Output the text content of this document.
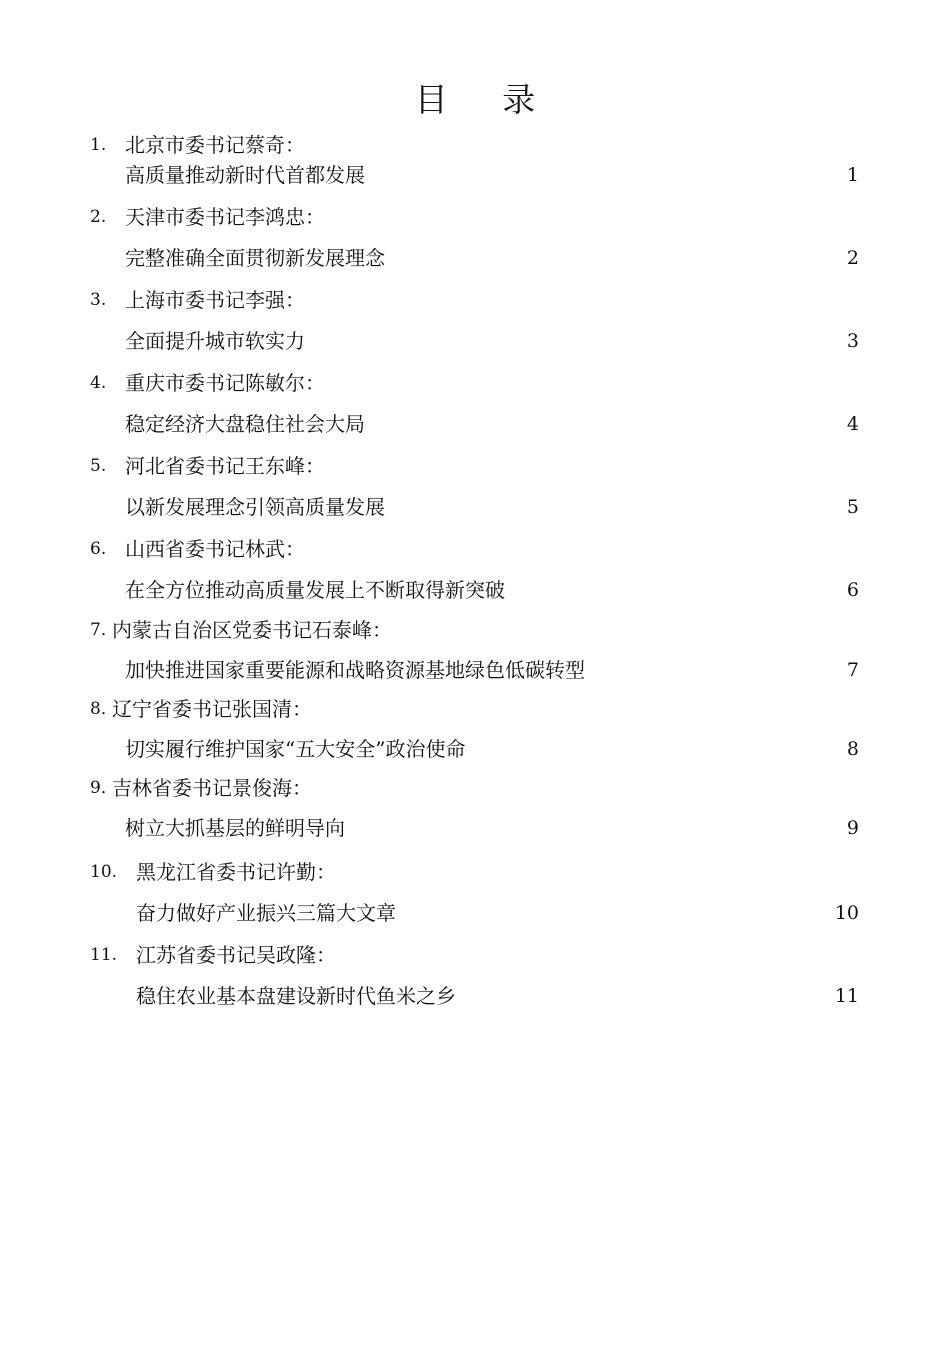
目 录
1. 北京市委书记蔡奇：
高质量推动新时代首都发展	1
2. 天津市委书记李鸿忠：
完整准确全面贯彻新发展理念	2
3. 上海市委书记李强：
全面提升城市软实力	3
4. 重庆市委书记陈敏尔：
稳定经济大盘稳住社会大局	4
5. 河北省委书记王东峰：
以新发展理念引领高质量发展	5
6. 山西省委书记林武：
在全方位推动高质量发展上不断取得新突破	6
7．
内蒙古自治区党委书记石泰峰：
加快推进国家重要能源和战略资源基地绿色低碳转型	7
8．
辽宁省委书记张国清：
切实履行维护国家“五大安全”政治使命	8
9．
吉林省委书记景俊海：
树立大抓基层的鲜明导向	9
10. 黑龙江省委书记许勤：
奋力做好产业振兴三篇大文章	10
11. 江苏省委书记吴政隆：
稳住农业基本盘建设新时代鱼米之乡	11
